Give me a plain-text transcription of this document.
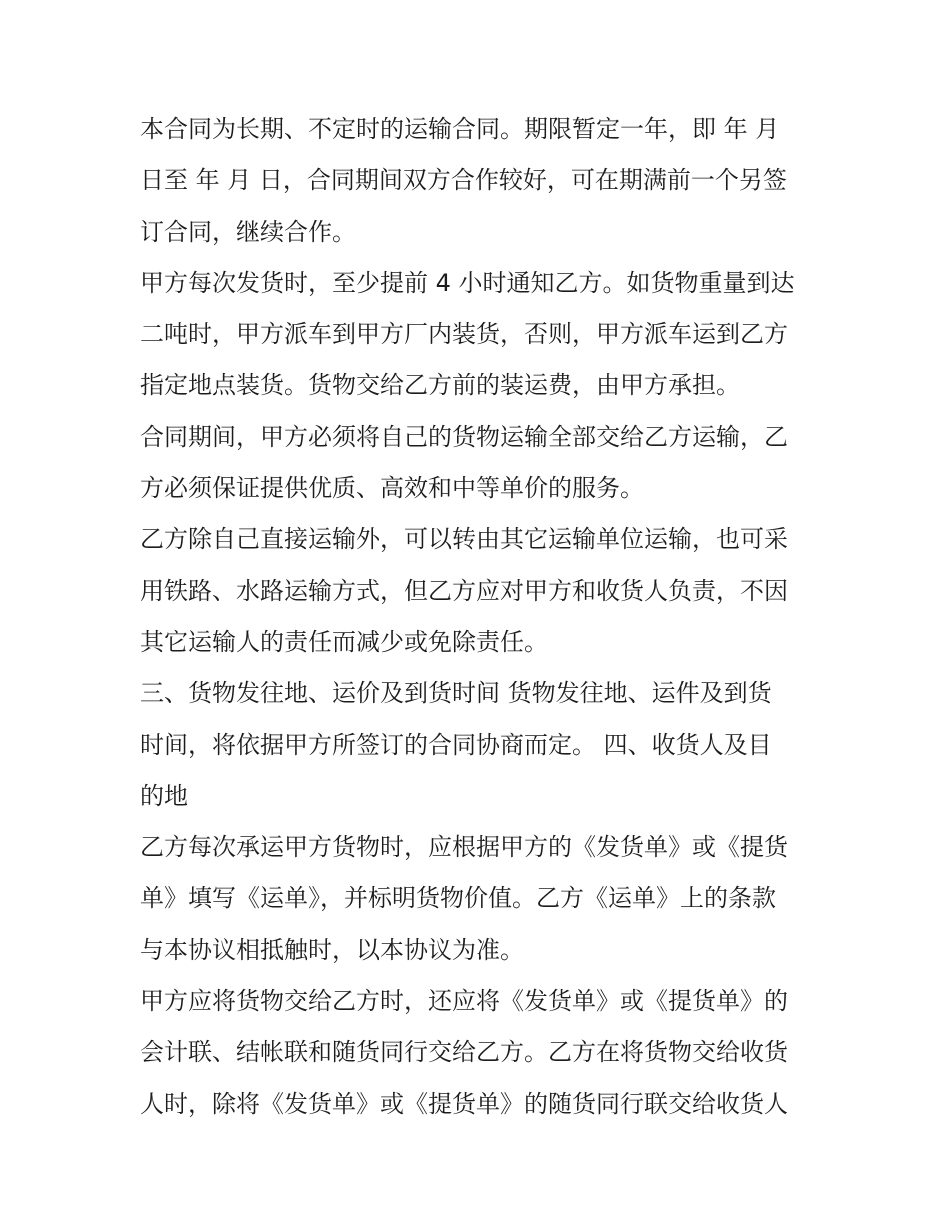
本合同为长期、不定时的运输合同。期限暂定一年，即 年 月
日至 年 月 日，合同期间双方合作较好，可在期满前一个另签
订合同，继续合作。
甲方每次发货时，至少提前 4 小时通知乙方。如货物重量到达
二吨时，甲方派车到甲方厂内装货，否则，甲方派车运到乙方
指定地点装货。货物交给乙方前的装运费，由甲方承担。
合同期间，甲方必须将自己的货物运输全部交给乙方运输，乙
方必须保证提供优质、高效和中等单价的服务。
乙方除自己直接运输外，可以转由其它运输单位运输，也可采
用铁路、水路运输方式，但乙方应对甲方和收货人负责，不因
其它运输人的责任而减少或免除责任。
三、货物发往地、运价及到货时间 货物发往地、运件及到货
时间，将依据甲方所签订的合同协商而定。 四、收货人及目
的地
乙方每次承运甲方货物时，应根据甲方的《发货单》或《提货
单》填写《运单》，并标明货物价值。乙方《运单》上的条款
与本协议相抵触时，以本协议为准。
甲方应将货物交给乙方时，还应将《发货单》或《提货单》的
会计联、结帐联和随货同行交给乙方。乙方在将货物交给收货
人时，除将《发货单》或《提货单》的随货同行联交给收货人
